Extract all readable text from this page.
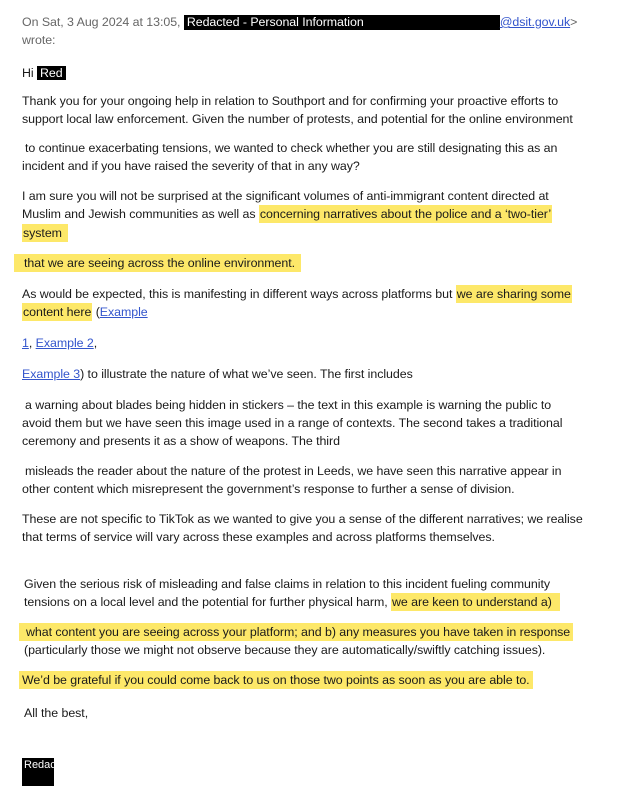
On Sat, 3 Aug 2024 at 13:05, Redacted - Personal Information	@dsit.gov.uk>

wrote:

Hi Red

Thank you for your ongoing help in relation to Southport and for confirming your proactive efforts to

support local law enforcement. Given the number of protests, and potential for the online environment

to continue exacerbating tensions, we wanted to check whether you are still designating this as an

incident and if you have raised the severity of that in any way?

I am sure you will not be surprised at the significant volumes of anti-immigrant content directed at

Muslim and Jewish communities as well as concerning narratives about the police and a ‘two-tier’

system

that we are seeing across the online environment.

As would be expected, this is manifesting in different ways across platforms but we are sharing some

content here (Example

1, Example 2,

Example 3) to illustrate the nature of what we’ve seen. The first includes

a warning about blades being hidden in stickers – the text in this example is warning the public to

avoid them but we have seen this image used in a range of contexts. The second takes a traditional

ceremony and presents it as a show of weapons. The third

misleads the reader about the nature of the protest in Leeds, we have seen this narrative appear in

other content which misrepresent the government’s response to further a sense of division.

These are not specific to TikTok as we wanted to give you a sense of the different narratives; we realise

that terms of service will vary across these examples and across platforms themselves.

Given the serious risk of misleading and false claims in relation to this incident fueling community

tensions on a local level and the potential for further physical harm, we are keen to understand a)

what content you are seeing across your platform; and b) any measures you have taken in response

(particularly those we might not observe because they are automatically/swiftly catching issues).

We’d be grateful if you could come back to us on those two points as soon as you are able to.

All the best,

Redacted
